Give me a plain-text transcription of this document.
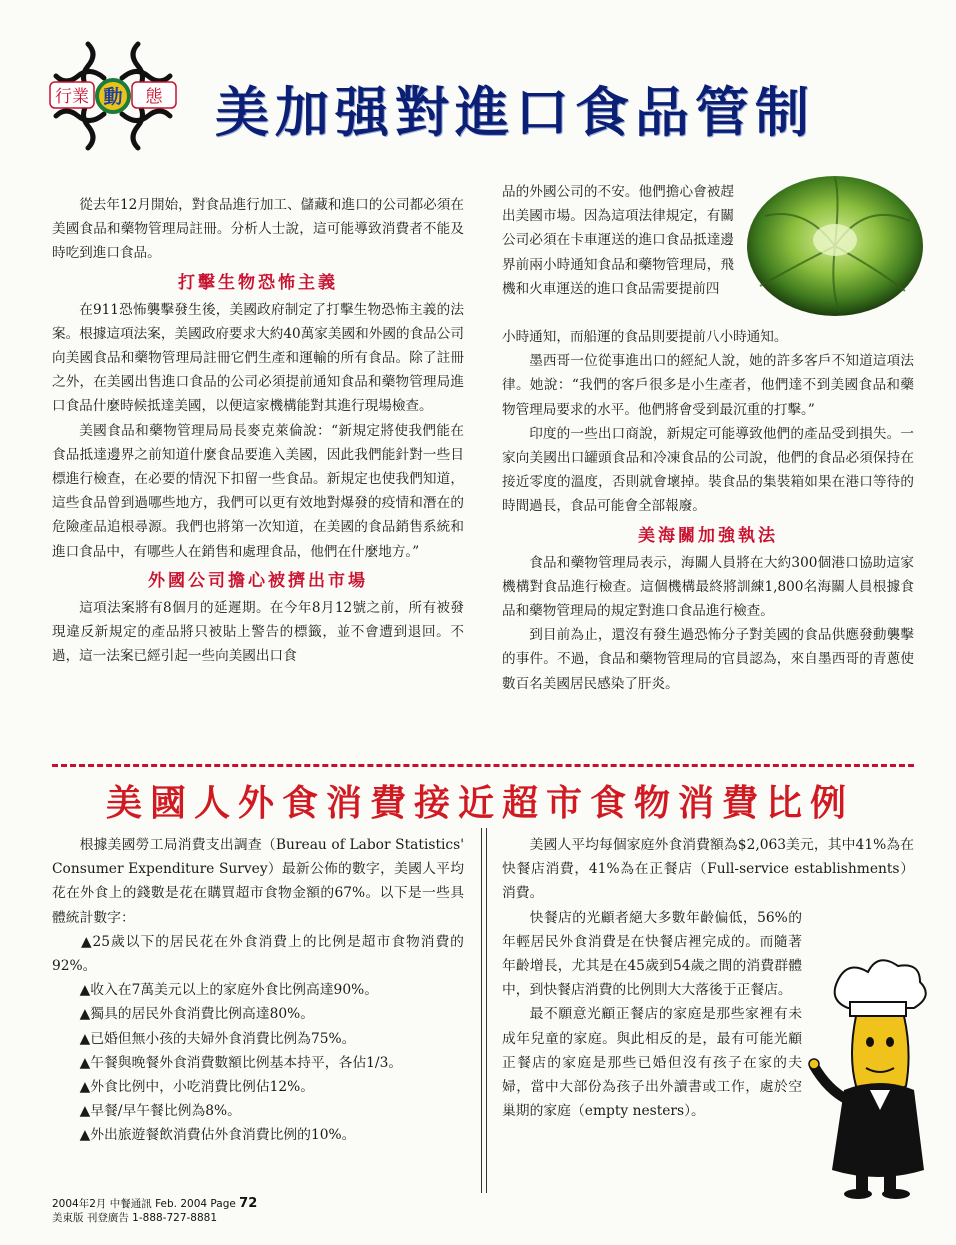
行業 動 態 美加强對進口食品管制

從去年12月開始，對食品進行加工、儲藏和進口的公司都必須在美國食品和藥物管理局註冊。分析人士說，這可能導致消費者不能及時吃到進口食品。

打擊生物恐怖主義

在911恐怖襲擊發生後，美國政府制定了打擊生物恐怖主義的法案。根據這項法案，美國政府要求大約40萬家美國和外國的食品公司向美國食品和藥物管理局註冊它們生產和運輸的所有食品。除了註冊之外，在美國出售進口食品的公司必須提前通知食品和藥物管理局進口食品什麼時候抵達美國，以便這家機構能對其進行現場檢查。

美國食品和藥物管理局局長麥克萊倫說：“新規定將使我們能在食品抵達邊界之前知道什麼食品要進入美國，因此我們能針對一些目標進行檢查，在必要的情況下扣留一些食品。新規定也使我們知道，這些食品曾到過哪些地方，我們可以更有效地對爆發的疫情和潛在的危險產品追根尋源。我們也將第一次知道，在美國的食品銷售系統和進口食品中，有哪些人在銷售和處理食品，他們在什麼地方。”

外國公司擔心被擠出市場

這項法案將有8個月的延遲期。在今年8月12號之前，所有被發現違反新規定的產品將只被貼上警告的標籤，並不會遭到退回。不過，這一法案已經引起一些向美國出口食

品的外國公司的不安。他們擔心會被趕出美國市場。因為這項法律規定，有關公司必須在卡車運送的進口食品抵達邊界前兩小時通知食品和藥物管理局，飛機和火車運送的進口食品需要提前四

小時通知，而船運的食品則要提前八小時通知。

墨西哥一位從事進出口的經紀人說，她的許多客戶不知道這項法律。她說：“我們的客戶很多是小生產者，他們達不到美國食品和藥物管理局要求的水平。他們將會受到最沉重的打擊。”

印度的一些出口商說，新規定可能導致他們的產品受到損失。一家向美國出口罐頭食品和冷凍食品的公司說，他們的食品必須保持在接近零度的溫度，否則就會壞掉。裝食品的集裝箱如果在港口等待的時間過長，食品可能會全部報廢。

美海關加強執法

食品和藥物管理局表示，海關人員將在大約300個港口協助這家機構對食品進行檢查。這個機構最終將訓練1,800名海關人員根據食品和藥物管理局的規定對進口食品進行檢查。

到目前為止，還沒有發生過恐怖分子對美國的食品供應發動襲擊的事件。不過，食品和藥物管理局的官員認為，來自墨西哥的青蔥使數百名美國居民感染了肝炎。

美國人外食消費接近超市食物消費比例

根據美國勞工局消費支出調查（Bureau of Labor Statistics' Consumer Expenditure Survey）最新公佈的數字，美國人平均花在外食上的錢數是花在購買超市食物金額的67%。以下是一些具體統計數字：

▲ 25歲以下的居民花在外食消費上的比例是超市食物消費的92%。

▲ 收入在7萬美元以上的家庭外食比例高達90%。

▲ 獨具的居民外食消費比例高達80%。

▲ 已婚但無小孩的夫婦外食消費比例為75%。

▲ 午餐與晚餐外食消費數額比例基本持平，各佔1/3。

▲ 外食比例中，小吃消費比例佔12%。

▲ 早餐/早午餐比例為8%。

▲ 外出旅遊餐飲消費佔外食消費比例的10%。

美國人平均每個家庭外食消費額為$2,063美元，其中41%為在快餐店消費，41%為在正餐店（Full-service establishments）消費。

快餐店的光顧者絕大多數年齡偏低，56%的年輕居民外食消費是在快餐店裡完成的。而隨著年齡增長，尤其是在45歲到54歲之間的消費群體中，到快餐店消費的比例則大大落後于正餐店。

最不願意光顧正餐店的家庭是那些家裡有未成年兒童的家庭。與此相反的是，最有可能光顧正餐店的家庭是那些已婚但沒有孩子在家的夫婦，當中大部份為孩子出外讀書或工作，處於空巢期的家庭（empty nesters）。

2004年2月 中餐通訊 Feb. 2004 Page 72
美東版 刊登廣告 1-888-727-8881
